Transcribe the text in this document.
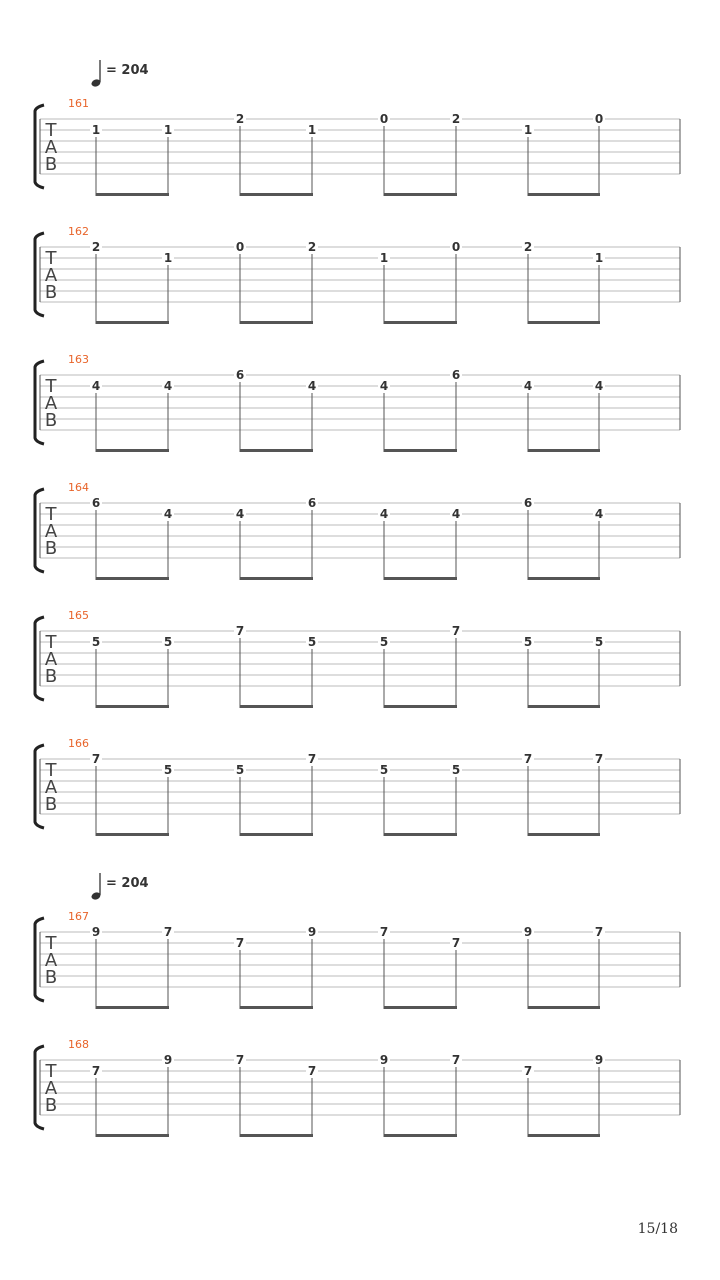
= 204
= 204
T
A
B
161
1	1
2
1
0	2
1
0
T
A
B
162
2
1
0	2
1
0	2
1
T
A
B
163
4	4
6
4	4
6
4	4
T
A
B
164
6
4	4
6
4	4
6
4
T
A
B
165
5	5
7
5	5
7
5	5
T
A
B
166
7
5	5
7
5	5
7	7
T
A
B
167
9	7
7
9	7
7
9	7
T
A
B
168
7
9	7
7
9	7
7
9
15/18
